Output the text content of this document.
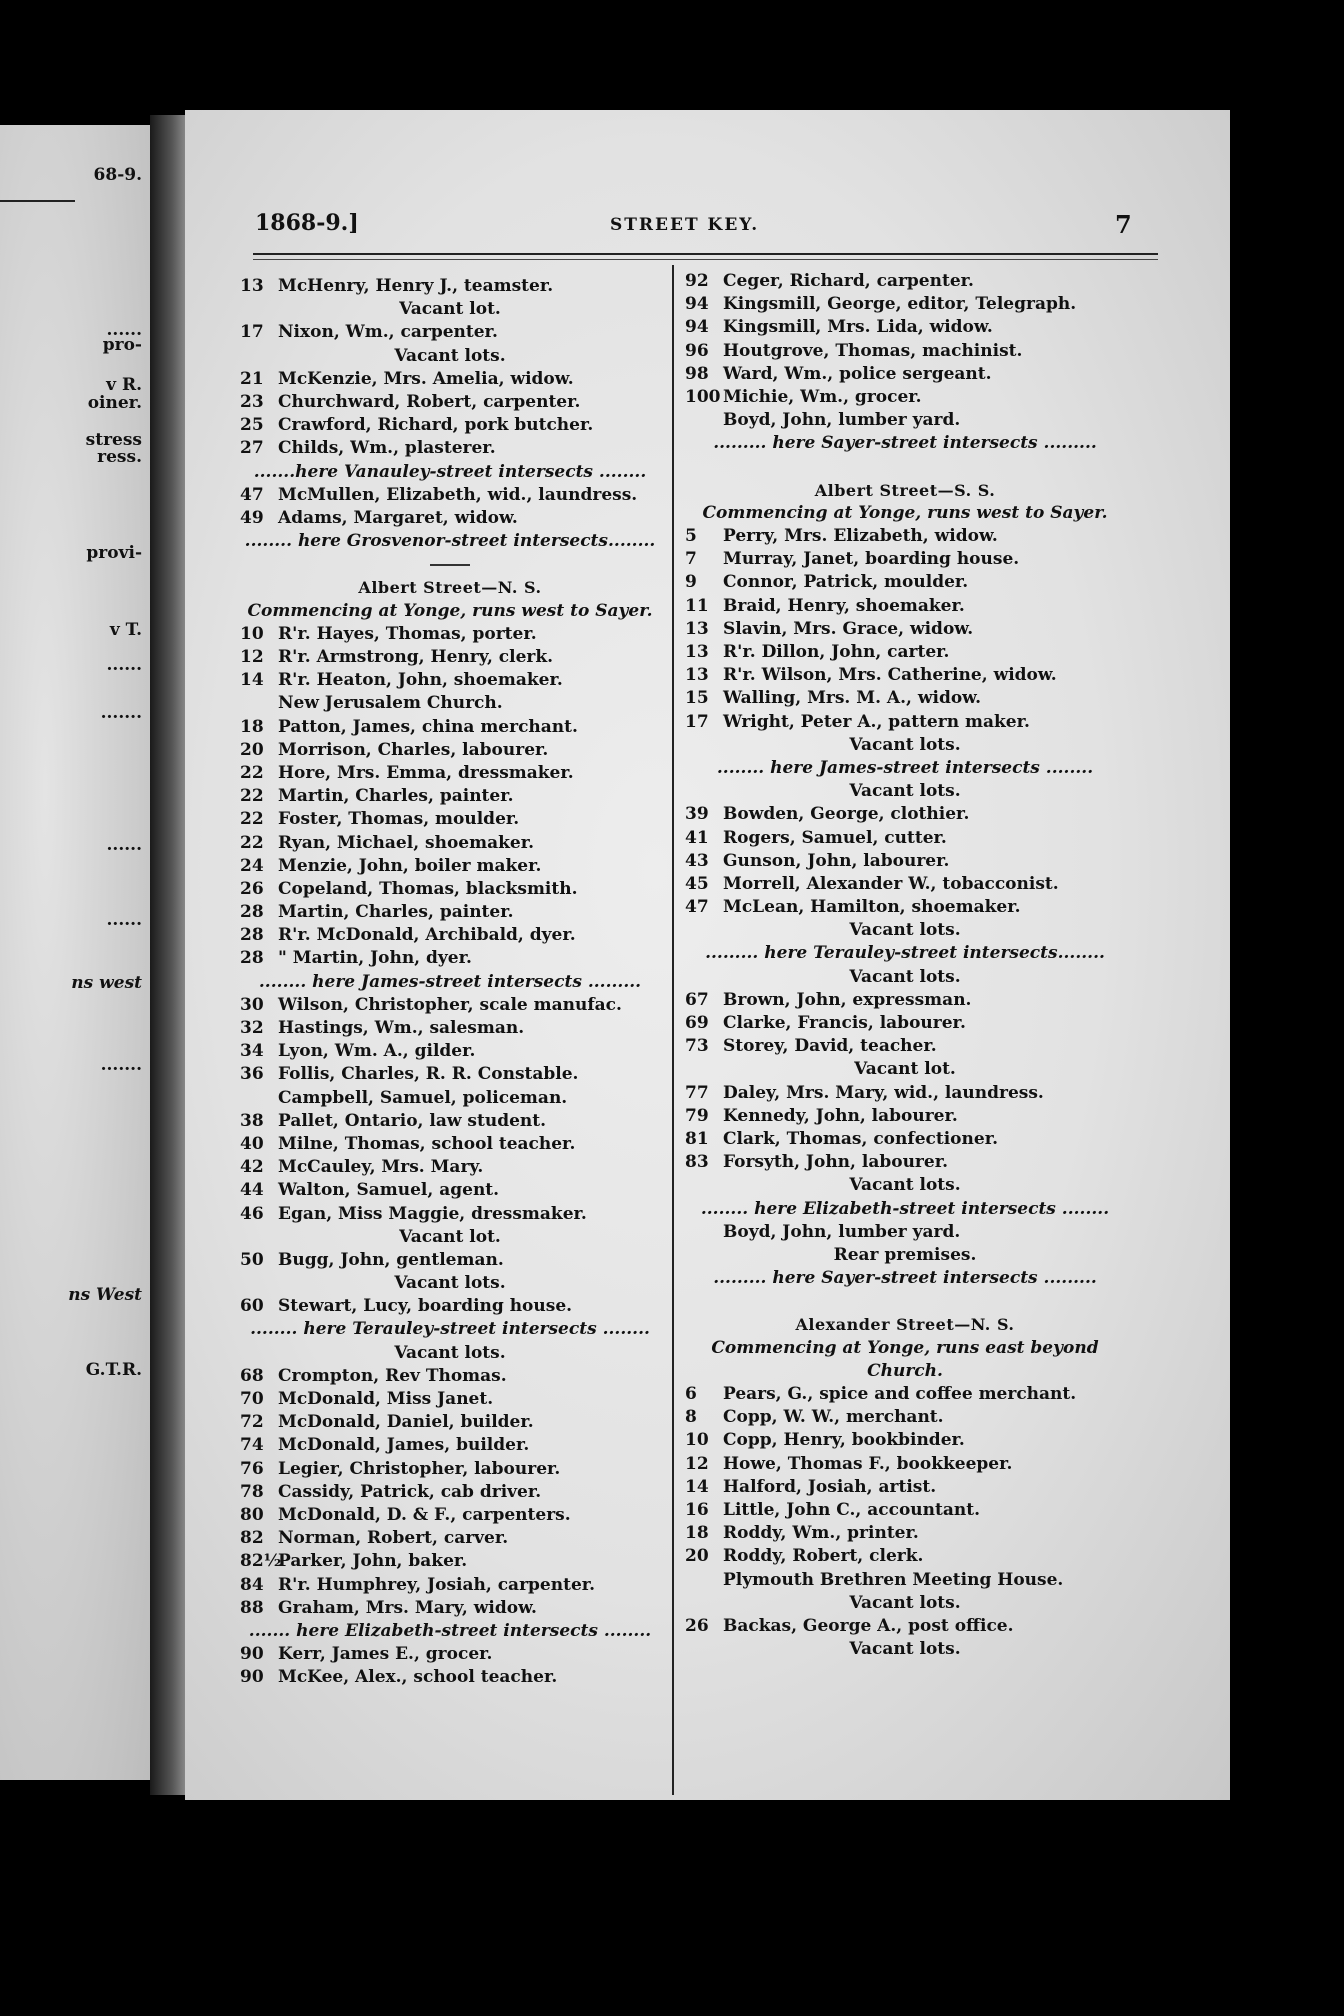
68-9.
......
pro-
v R.
oiner.
stress
ress.
provi-
v T.
......
.......
......
......
ns west
.......
ns West
G.T.R.
1868-9.]	STREET KEY.	7
13 McHenry, Henry J., teamster.
Vacant lot.
17 Nixon, Wm., carpenter.
Vacant lots.
21 McKenzie, Mrs. Amelia, widow.
23 Churchward, Robert, carpenter.
25 Crawford, Richard, pork butcher.
27 Childs, Wm., plasterer.
.......here Vanauley-street intersects ........
47 McMullen, Elizabeth, wid., laundress.
49 Adams, Margaret, widow.
........ here Grosvenor-street intersects........
Albert Street—N. S.
Commencing at Yonge, runs west to Sayer.
10 R'r. Hayes, Thomas, porter.
12 R'r. Armstrong, Henry, clerk.
14 R'r. Heaton, John, shoemaker.
New Jerusalem Church.
18 Patton, James, china merchant.
20 Morrison, Charles, labourer.
22 Hore, Mrs. Emma, dressmaker.
22 Martin, Charles, painter.
22 Foster, Thomas, moulder.
22 Ryan, Michael, shoemaker.
24 Menzie, John, boiler maker.
26 Copeland, Thomas, blacksmith.
28 Martin, Charles, painter.
28 R'r. McDonald, Archibald, dyer.
28 " Martin, John, dyer.
........ here James-street intersects .........
30 Wilson, Christopher, scale manufac.
32 Hastings, Wm., salesman.
34 Lyon, Wm. A., gilder.
36 Follis, Charles, R. R. Constable.
Campbell, Samuel, policeman.
38 Pallet, Ontario, law student.
40 Milne, Thomas, school teacher.
42 McCauley, Mrs. Mary.
44 Walton, Samuel, agent.
46 Egan, Miss Maggie, dressmaker.
Vacant lot.
50 Bugg, John, gentleman.
Vacant lots.
60 Stewart, Lucy, boarding house.
........ here Terauley-street intersects ........
Vacant lots.
68 Crompton, Rev Thomas.
70 McDonald, Miss Janet.
72 McDonald, Daniel, builder.
74 McDonald, James, builder.
76 Legier, Christopher, labourer.
78 Cassidy, Patrick, cab driver.
80 McDonald, D. & F., carpenters.
82 Norman, Robert, carver.
82½Parker, John, baker.
84 R'r. Humphrey, Josiah, carpenter.
88 Graham, Mrs. Mary, widow.
....... here Elizabeth-street intersects ........
90 Kerr, James E., grocer.
90 McKee, Alex., school teacher.
92 Ceger, Richard, carpenter.
94 Kingsmill, George, editor, Telegraph.
94 Kingsmill, Mrs. Lida, widow.
96 Houtgrove, Thomas, machinist.
98 Ward, Wm., police sergeant.
100 Michie, Wm., grocer.
Boyd, John, lumber yard.
......... here Sayer-street intersects .........
Albert Street—S. S.
Commencing at Yonge, runs west to Sayer.
5 Perry, Mrs. Elizabeth, widow.
7 Murray, Janet, boarding house.
9 Connor, Patrick, moulder.
11 Braid, Henry, shoemaker.
13 Slavin, Mrs. Grace, widow.
13 R'r. Dillon, John, carter.
13 R'r. Wilson, Mrs. Catherine, widow.
15 Walling, Mrs. M. A., widow.
17 Wright, Peter A., pattern maker.
Vacant lots.
........ here James-street intersects ........
Vacant lots.
39 Bowden, George, clothier.
41 Rogers, Samuel, cutter.
43 Gunson, John, labourer.
45 Morrell, Alexander W., tobacconist.
47 McLean, Hamilton, shoemaker.
Vacant lots.
......... here Terauley-street intersects........
Vacant lots.
67 Brown, John, expressman.
69 Clarke, Francis, labourer.
73 Storey, David, teacher.
Vacant lot.
77 Daley, Mrs. Mary, wid., laundress.
79 Kennedy, John, labourer.
81 Clark, Thomas, confectioner.
83 Forsyth, John, labourer.
Vacant lots.
........ here Elizabeth-street intersects ........
Boyd, John, lumber yard.
Rear premises.
......... here Sayer-street intersects .........
Alexander Street—N. S.
Commencing at Yonge, runs east beyond
Church.
6 Pears, G., spice and coffee merchant.
8 Copp, W. W., merchant.
10 Copp, Henry, bookbinder.
12 Howe, Thomas F., bookkeeper.
14 Halford, Josiah, artist.
16 Little, John C., accountant.
18 Roddy, Wm., printer.
20 Roddy, Robert, clerk.
Plymouth Brethren Meeting House.
Vacant lots.
26 Backas, George A., post office.
Vacant lots.
